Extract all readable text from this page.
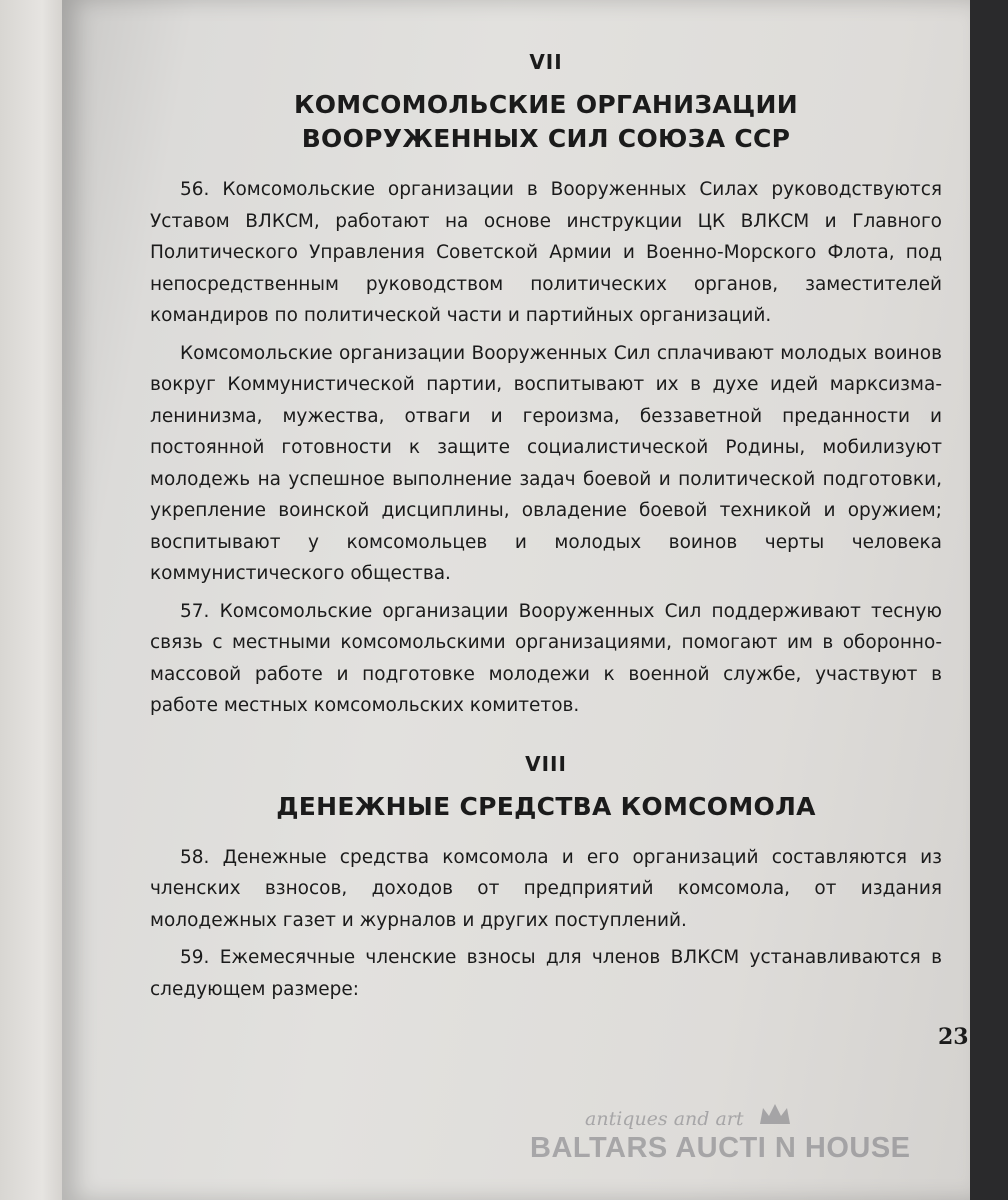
VII
КОМСОМОЛЬСКИЕ ОРГАНИЗАЦИИ
ВООРУЖЕННЫХ СИЛ СОЮЗА ССР

56. Комсомольские организации в Вооруженных Силах руководствуются Уставом ВЛКСМ, работают на основе инструкции ЦК ВЛКСМ и Главного Политического Управления Советской Армии и Военно-Морского Флота, под непосредственным руководством политических органов, заместителей командиров по политической части и партийных организаций.

Комсомольские организации Вооруженных Сил сплачивают молодых воинов вокруг Коммунистической партии, воспитывают их в духе идей марксизма-ленинизма, мужества, отваги и героизма, беззаветной преданности и постоянной готовности к защите социалистической Родины, мобилизуют молодежь на успешное выполнение задач боевой и политической подготовки, укрепление воинской дисциплины, овладение боевой техникой и оружием; воспитывают у комсомольцев и молодых воинов черты человека коммунистического общества.

57. Комсомольские организации Вооруженных Сил поддерживают тесную связь с местными комсомольскими организациями, помогают им в оборонно-массовой работе и подготовке молодежи к военной службе, участвуют в работе местных комсомольских комитетов.

VIII
ДЕНЕЖНЫЕ СРЕДСТВА КОМСОМОЛА

58. Денежные средства комсомола и его организаций составляются из членских взносов, доходов от предприятий комсомола, от издания молодежных газет и журналов и других поступлений.

59. Ежемесячные членские взносы для членов ВЛКСМ устанавливаются в следующем размере:

23
antiques and art
BALTARS AUCTI N HOUSE
